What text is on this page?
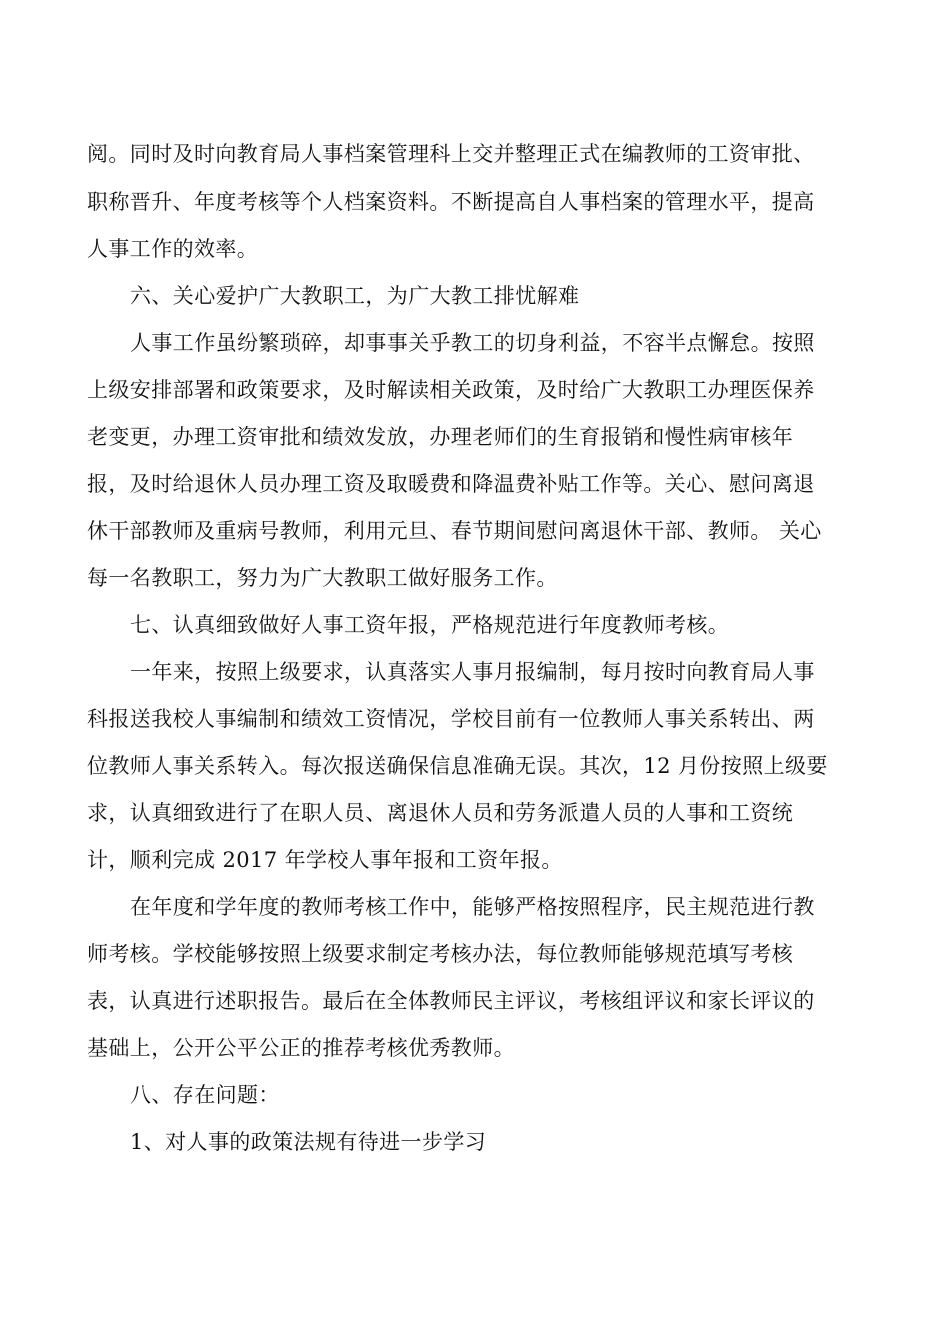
阅。同时及时向教育局人事档案管理科上交并整理正式在编教师的工资审批、

职称晋升、年度考核等个人档案资料。不断提高自人事档案的管理水平，提高

人事工作的效率。

六、关心爱护广大教职工，为广大教工排忧解难

人事工作虽纷繁琐碎，却事事关乎教工的切身利益，不容半点懈怠。按照

上级安排部署和政策要求，及时解读相关政策，及时给广大教职工办理医保养

老变更，办理工资审批和绩效发放，办理老师们的生育报销和慢性病审核年

报，及时给退休人员办理工资及取暖费和降温费补贴工作等。关心、慰问离退

休干部教师及重病号教师，利用元旦、春节期间慰问离退休干部、教师。 关心

每一名教职工，努力为广大教职工做好服务工作。

七、认真细致做好人事工资年报，严格规范进行年度教师考核。

一年来，按照上级要求，认真落实人事月报编制，每月按时向教育局人事

科报送我校人事编制和绩效工资情况，学校目前有一位教师人事关系转出、两

位教师人事关系转入。每次报送确保信息准确无误。其次，12 月份按照上级要

求，认真细致进行了在职人员、离退休人员和劳务派遣人员的人事和工资统

计，顺利完成 2017 年学校人事年报和工资年报。

在年度和学年度的教师考核工作中，能够严格按照程序，民主规范进行教

师考核。学校能够按照上级要求制定考核办法，每位教师能够规范填写考核

表，认真进行述职报告。最后在全体教师民主评议，考核组评议和家长评议的

基础上，公开公平公正的推荐考核优秀教师。

八、存在问题：

1、对人事的政策法规有待进一步学习
